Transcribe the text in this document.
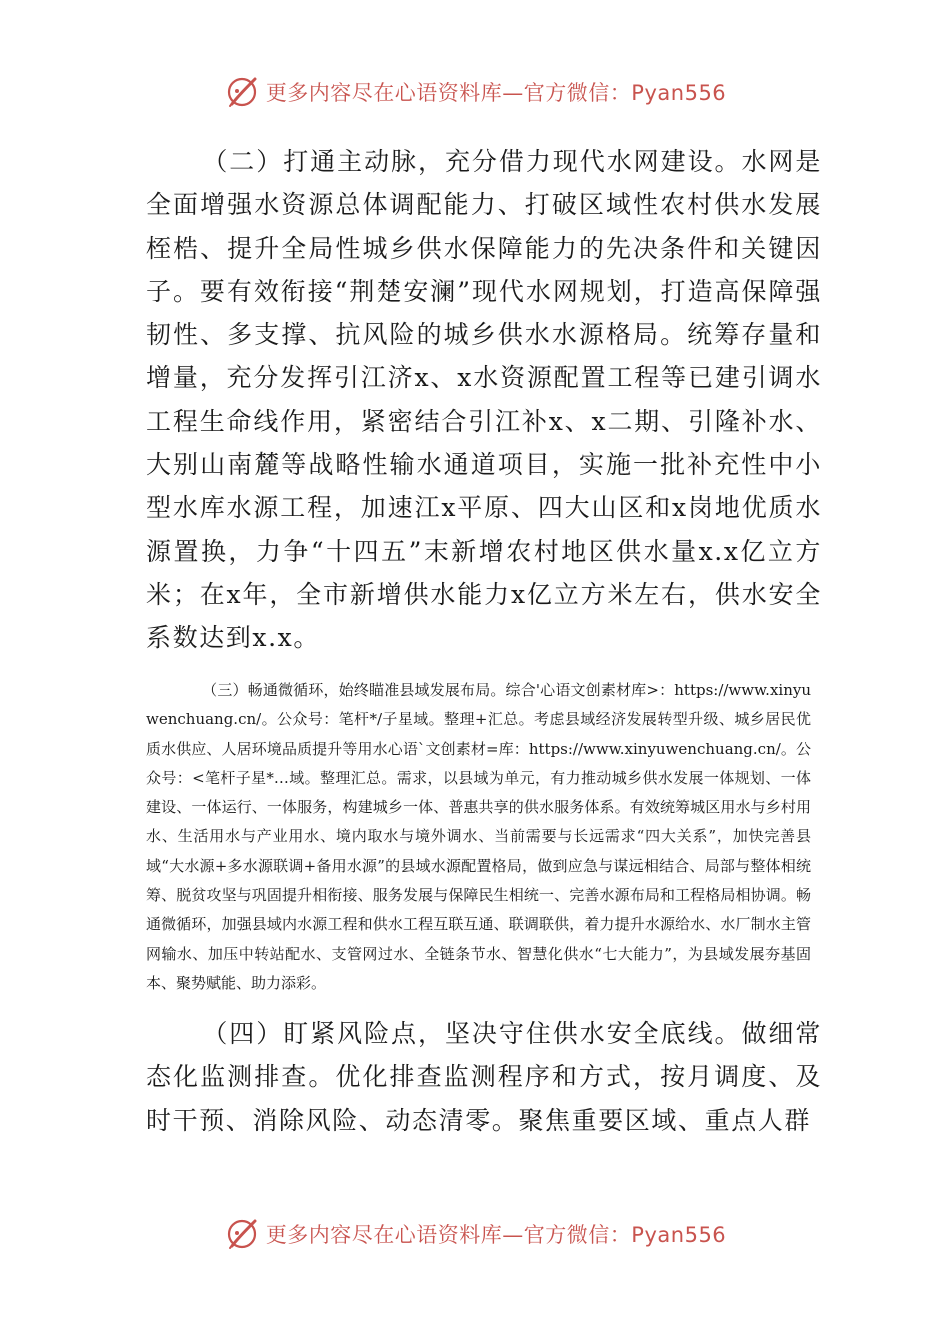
更多内容尽在心语资料库—官方微信：Pyan556

（二）打通主动脉，充分借力现代水网建设。水网是全面增强水资源总体调配能力、打破区域性农村供水发展桎梏、提升全局性城乡供水保障能力的先决条件和关键因子。要有效衔接“荆楚安澜”现代水网规划，打造高保障强韧性、多支撑、抗风险的城乡供水水源格局。统筹存量和增量，充分发挥引江济x、x水资源配置工程等已建引调水工程生命线作用，紧密结合引江补x、x二期、引隆补水、大别山南麓等战略性输水通道项目，实施一批补充性中小型水库水源工程，加速江x平原、四大山区和x岗地优质水源置换，力争“十四五”末新增农村地区供水量x.x亿立方米；在x年，全市新增供水能力x亿立方米左右，供水安全系数达到x.x。

（三）畅通微循环，始终瞄准县域发展布局。综合'心语文创素材库>：https://www.xinyuwenchuang.cn/。公众号：笔杆*/子星域。整理+汇总。考虑县域经济发展转型升级、城乡居民优质水供应、人居环境品质提升等用水心语`文创素材=库：https://www.xinyuwenchuang.cn/。公众号：<笔杆子星*…域。整理汇总。需求，以县域为单元，有力推动城乡供水发展一体规划、一体建设、一体运行、一体服务，构建城乡一体、普惠共享的供水服务体系。有效统筹城区用水与乡村用水、生活用水与产业用水、境内取水与境外调水、当前需要与长远需求“四大关系”，加快完善县域“大水源+多水源联调+备用水源”的县域水源配置格局，做到应急与谋远相结合、局部与整体相统筹、脱贫攻坚与巩固提升相衔接、服务发展与保障民生相统一、完善水源布局和工程格局相协调。畅通微循环，加强县域内水源工程和供水工程互联互通、联调联供，着力提升水源给水、水厂制水主管网输水、加压中转站配水、支管网过水、全链条节水、智慧化供水“七大能力”，为县域发展夯基固本、聚势赋能、助力添彩。

（四）盯紧风险点，坚决守住供水安全底线。做细常态化监测排查。优化排查监测程序和方式，按月调度、及时干预、消除风险、动态清零。聚焦重要区域、重点人群

更多内容尽在心语资料库—官方微信：Pyan556
